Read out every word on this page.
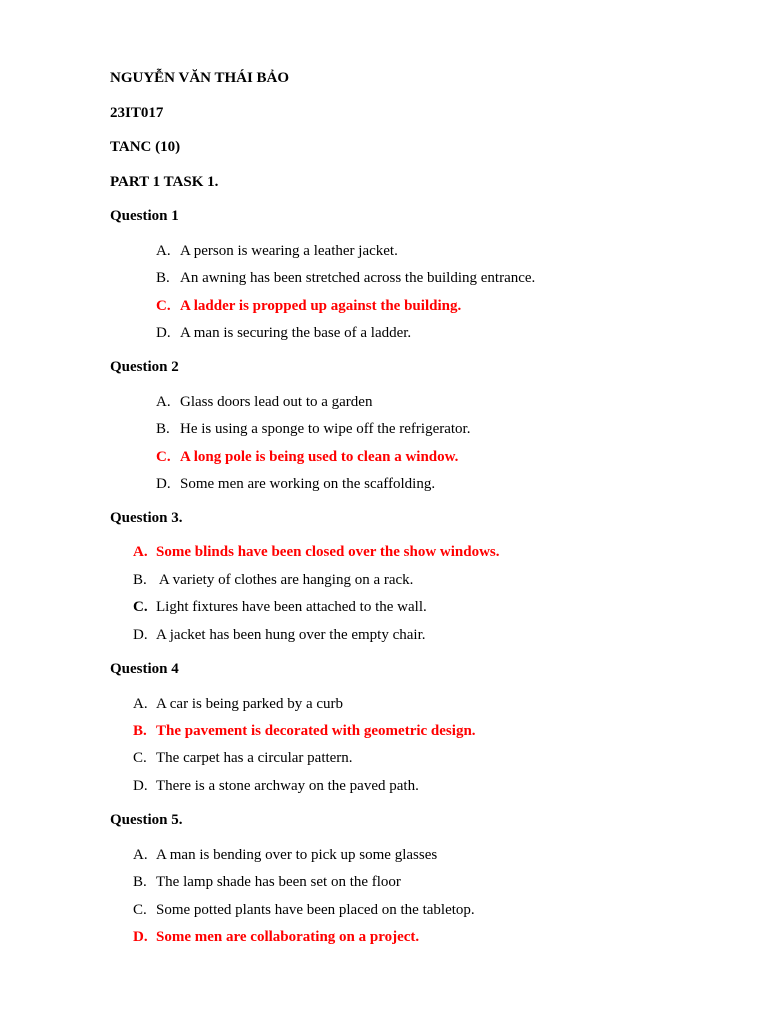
NGUYỄN VĂN THÁI BẢO
23IT017
TANC (10)
PART 1 TASK 1.
Question 1
A. A person is wearing a leather jacket.
B. An awning has been stretched across the building entrance.
C. A ladder is propped up against the building.
D. A man is securing the base of a ladder.
Question 2
A. Glass doors lead out to a garden
B. He is using a sponge to wipe off the refrigerator.
C. A long pole is being used to clean a window.
D. Some men are working on the scaffolding.
Question 3.
A. Some blinds have been closed over the show windows.
B. A variety of clothes are hanging on a rack.
C. Light fixtures have been attached to the wall.
D. A jacket has been hung over the empty chair.
Question 4
A. A car is being parked by a curb
B. The pavement is decorated with geometric design.
C. The carpet has a circular pattern.
D. There is a stone archway on the paved path.
Question 5.
A. A man is bending over to pick up some glasses
B. The lamp shade has been set on the floor
C. Some potted plants have been placed on the tabletop.
D. Some men are collaborating on a project.
